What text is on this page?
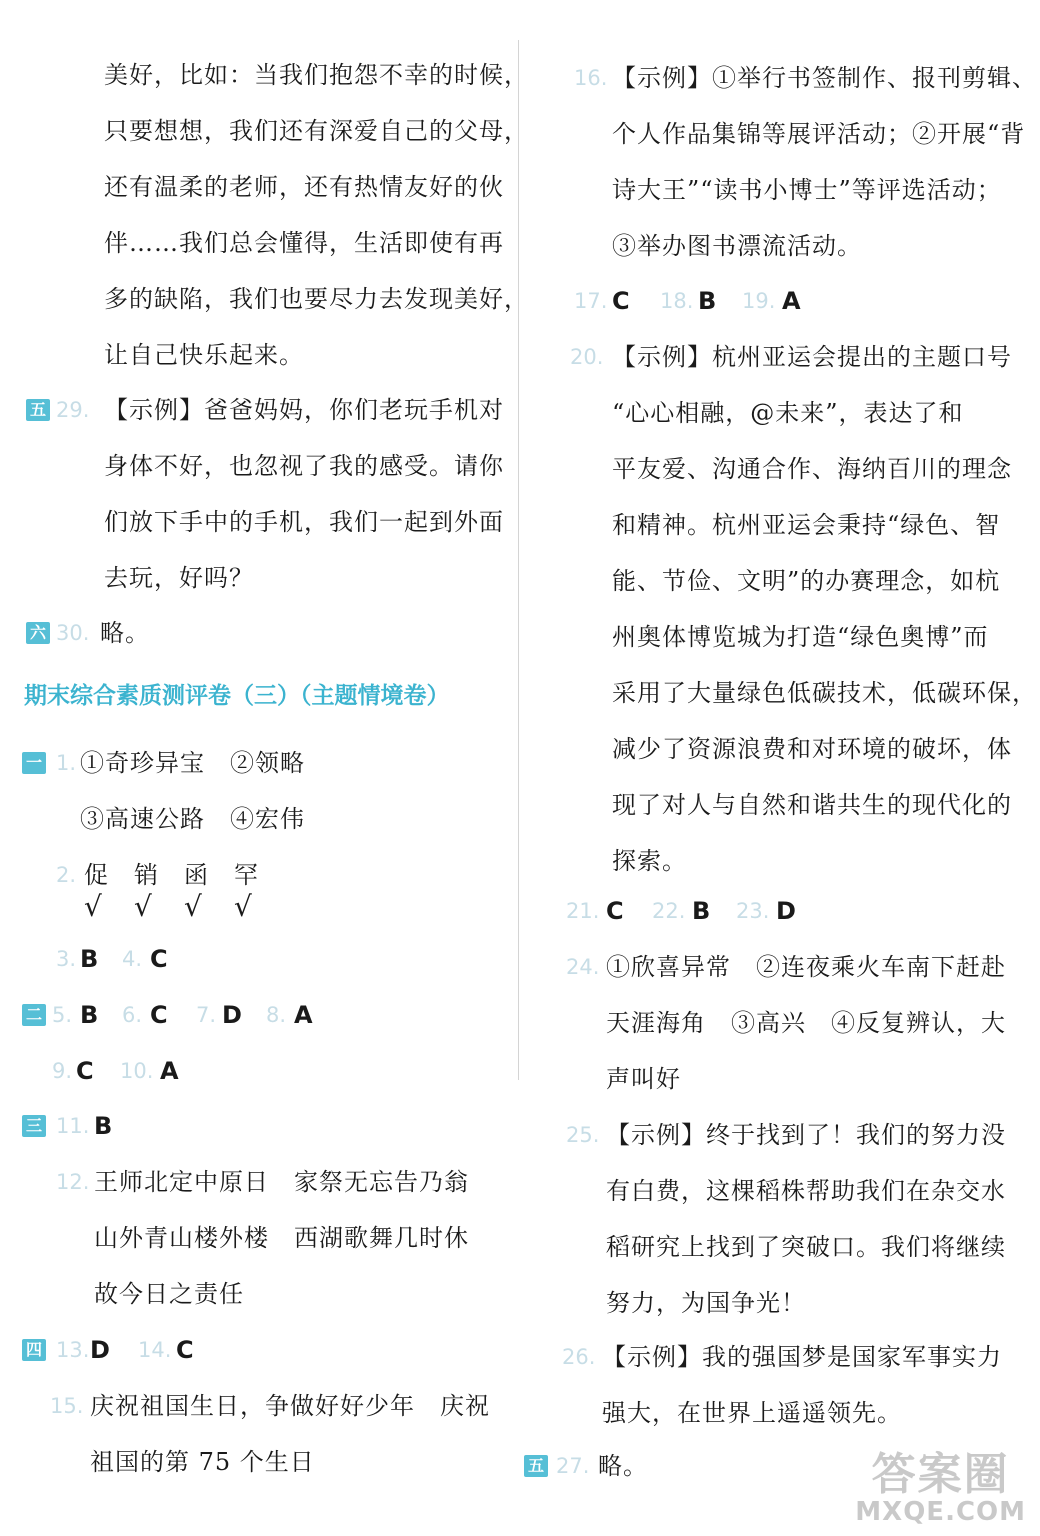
美好，比如：当我们抱怨不幸的时候，
只要想想，我们还有深爱自己的父母，
还有温柔的老师，还有热情友好的伙
伴……我们总会懂得，生活即使有再
多的缺陷，我们也要尽力去发现美好，
让自己快乐起来。
五 29. 【示例】爸爸妈妈，你们老玩手机对
身体不好，也忽视了我的感受。请你
们放下手中的手机，我们一起到外面
去玩，好吗？
六 30. 略。
期末综合素质测评卷（三）（主题情境卷）
一 1. ①奇珍异宝　②领略
③高速公路　④宏伟
2. 促 销 函 罕
√ √ √ √
3. B 4. C
二 5. B 6. C 7. D 8. A
9. C 10. A
三 11. B
12. 王师北定中原日　家祭无忘告乃翁
山外青山楼外楼　西湖歌舞几时休
故今日之责任
四 13. D 14. C
15. 庆祝祖国生日，争做好好少年　庆祝
祖国的第 75 个生日
16. 【示例】①举行书签制作、报刊剪辑、
个人作品集锦等展评活动；②开展“背
诗大王”“读书小博士”等评选活动；
③举办图书漂流活动。
17. C 18. B 19. A
20. 【示例】杭州亚运会提出的主题口号
“心心相融，@未来”，表达了和
平友爱、沟通合作、海纳百川的理念
和精神。杭州亚运会秉持“绿色、智
能、节俭、文明”的办赛理念，如杭
州奥体博览城为打造“绿色奥博”而
采用了大量绿色低碳技术，低碳环保，
减少了资源浪费和对环境的破坏，体
现了对人与自然和谐共生的现代化的
探索。
21. C 22. B 23. D
24. ①欣喜异常　②连夜乘火车南下赶赴
天涯海角　③高兴　④反复辨认，大
声叫好
25. 【示例】终于找到了！我们的努力没
有白费，这棵稻株帮助我们在杂交水
稻研究上找到了突破口。我们将继续
努力，为国争光！
26. 【示例】我的强国梦是国家军事实力
强大，在世界上遥遥领先。
五 27. 略。	答案圈
MXQE.COM
